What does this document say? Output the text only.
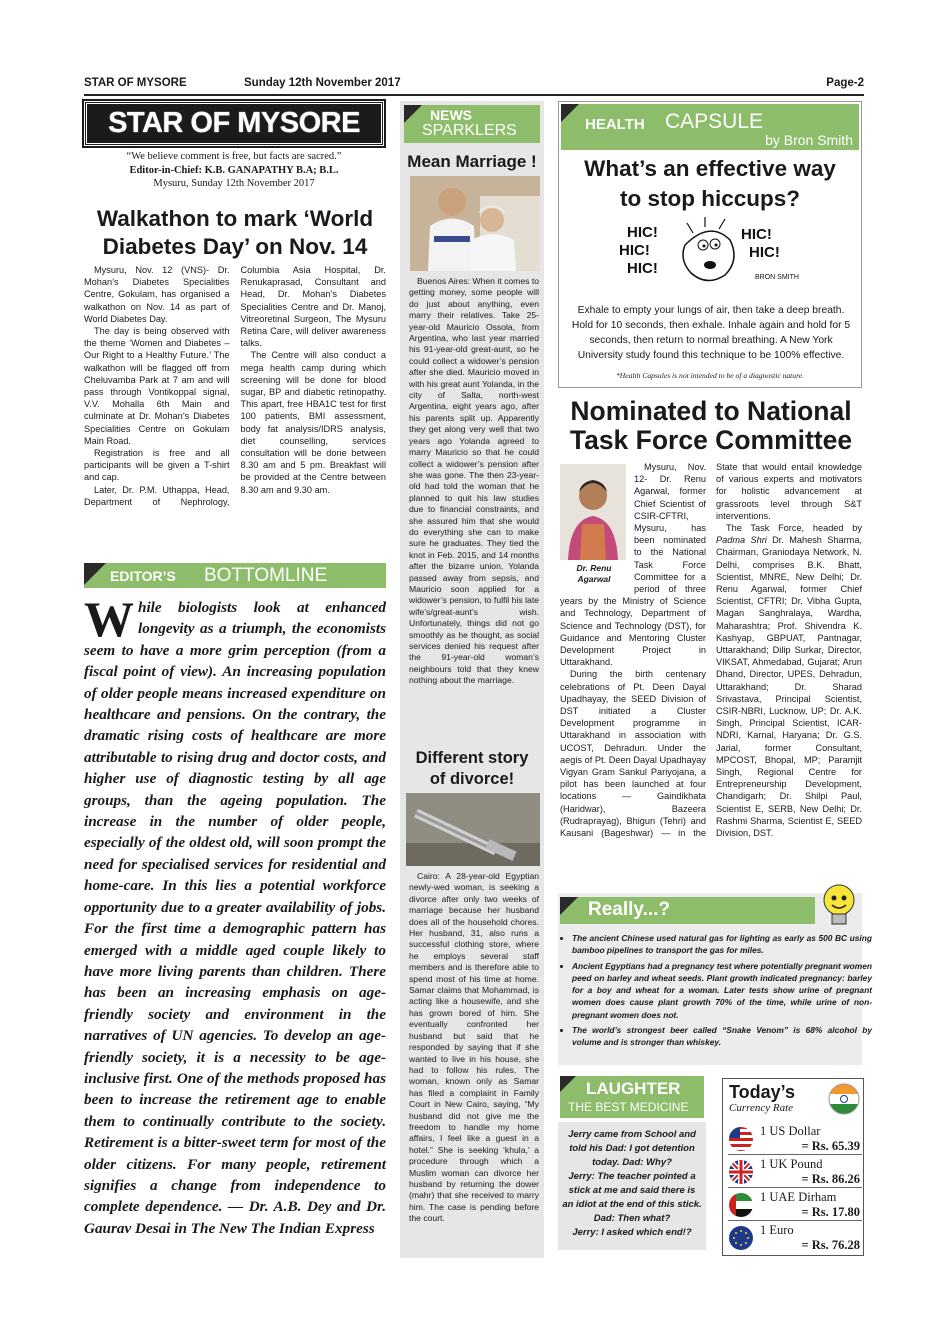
STAR OF MYSORE	Sunday 12th November 2017	Page-2
STAR OF MYSORE
“We believe comment is free, but facts are sacred.”
Editor-in-Chief: K.B. GANAPATHY B.A; B.L.
Mysuru, Sunday 12th November 2017
Walkathon to mark ‘World
Diabetes Day’ on Nov. 14

Mysuru, Nov. 12 (VNS)- Dr. Mohan’s Diabetes Specialities Centre, Gokulam, has organised a walkathon on Nov. 14 as part of World Diabetes Day.

The day is being observed with the theme ‘Women and Diabetes – Our Right to a Healthy Future.’ The walkathon will be flagged off from Cheluvamba Park at 7 am and will pass through Vontikoppal signal, V.V. Mohalla 6th Main and culminate at Dr. Mohan’s Diabetes Specialities Centre on Gokulam Main Road.

Registration is free and all participants will be given a T-shirt and cap.

Later, Dr. P.M. Uthappa, Head, Department of Nephrology, Columbia Asia Hospital, Dr. Renukaprasad, Consultant and Head, Dr. Mohan’s Diabetes Specialities Centre and Dr. Manoj, Vitreoretinal Surgeon, The Mysuru Retina Care, will deliver awareness talks.

The Centre will also conduct a mega health camp during which screening will be done for blood sugar, BP and diabetic retinopathy. This apart, free HBA1C test for first 100 patients, BMI assessment, body fat analysis/IDRS analysis, diet counselling, services consultation will be done between 8.30 am and 5 pm. Breakfast will be provided at the Centre between 8.30 am and 9.30 am.

EDITOR’S BOTTOMLINE
While biologists look at enhanced longevity as a triumph, the economists seem to have a more grim perception (from a fiscal point of view). An increasing population of older people means increased expenditure on healthcare and pensions. On the contrary, the dramatic rising costs of healthcare are more attributable to rising drug and doctor costs, and higher use of diagnostic testing by all age groups, than the ageing population. The increase in the number of older people, especially of the oldest old, will soon prompt the need for specialised services for residential and home-care. In this lies a potential workforce opportunity due to a greater availability of jobs. For the first time a demographic pattern has emerged with a middle aged couple likely to have more living parents than children. There has been an increasing emphasis on age-friendly society and environment in the narratives of UN agencies. To develop an age-friendly society, it is a necessity to be age-inclusive first. One of the methods proposed has been to increase the retirement age to enable them to continually contribute to the society. Retirement is a bitter-sweet term for most of the older citizens. For many people, retirement signifies a change from independence to complete dependence. — Dr. A.B. Dey and Dr. Gaurav Desai in The New The Indian Express
NEWS
SPARKLERS
Mean Marriage !

Buenos Aires: When it comes to getting money, some people will do just about anything, even marry their relatives. Take 25-year-old Mauricio Ossola, from Argentina, who last year married his 91-year-old great-aunt, so he could collect a widower’s pension after she died. Mauricio moved in with his great aunt Yolanda, in the city of Salta, north-west Argentina, eight years ago, after his parents split up. Apparently they get along very well that two years ago Yolanda agreed to marry Mauricio so that he could collect a widower’s pension after she was gone. The then 23-year-old had told the woman that he planned to quit his law studies due to financial constraints, and she assured him that she would do everything she can to make sure he graduates. They tied the knot in Feb. 2015, and 14 months after the bizarre union, Yolanda passed away from sepsis, and Mauricio soon applied for a widower’s pension, to fulfil his late wife’s/great-aunt’s wish. Unfortunately, things did not go smoothly as he thought, as social services denied his request after the 91-year-old woman’s neighbours told that they knew nothing about the marriage.

Different story
of divorce!

Cairo: A 28-year-old Egyptian newly-wed woman, is seeking a divorce after only two weeks of marriage because her husband does all of the household chores. Her husband, 31, also runs a successful clothing store, where he employs several staff members and is therefore able to spend most of his time at home. Samar claims that Mohammad, is acting like a housewife, and she has grown bored of him. She eventually confronted her husband but said that he responded by saying that if she wanted to live in his house, she had to follow his rules. The woman, known only as Samar has filed a complaint in Family Court in New Cairo, saying, “My husband did not give me the freedom to handle my home affairs, I feel like a guest in a hotel.” She is seeking ‘khula,’ a procedure through which a Muslim woman can divorce her husband by returning the dower (mahr) that she received to marry him. The case is pending before the court.

HEALTH CAPSULE
by Bron Smith
What’s an effective way
to stop hiccups?
HIC!
HIC!
HIC!
HIC!
HIC!
BRON SMITH
Exhale to empty your lungs of air, then take a deep breath. Hold for 10 seconds, then exhale. Inhale again and hold for 5 seconds, then return to normal breathing. A New York University study found this technique to be 100% effective.
*Health Capsules is not intended to be of a diagnostic nature.
Nominated to National
Task Force Committee
Dr. Renu
Agarwal

Mysuru, Nov. 12- Dr. Renu Agarwal, former Chief Scientist of CSIR-CFTRI, Mysuru, has been nominated to the National Task Force Committee for a period of three years by the Ministry of Science and Technology, Department of Science and Technology (DST), for Guidance and Mentoring Cluster Development Project in Uttarakhand.

During the birth centenary celebrations of Pt. Deen Dayal Upadhayay, the SEED Division of DST initiated a Cluster Development programme in Uttarakhand in association with UCOST, Dehradun. Under the aegis of Pt. Deen Dayal Upadhayay Vigyan Gram Sankul Pariyojana, a pilot has been launched at four locations — Gaindikhata (Haridwar), Bazeera (Rudraprayag), Bhigun (Tehri) and Kausani (Bageshwar) — in the State that would entail knowledge of various experts and motivators for holistic advancement at grassroots level through S&T interventions.

The Task Force, headed by Padma Shri Dr. Mahesh Sharma, Chairman, Graniodaya Network, N. Delhi, comprises B.K. Bhatt, Scientist, MNRE, New Delhi; Dr. Renu Agarwal, former Chief Scientist, CFTRI; Dr. Vibha Gupta, Magan Sanghralaya, Wardha, Maharashtra; Prof. Shivendra K. Kashyap, GBPUAT, Pantnagar, Uttarakhand; Dilip Surkar, Director, VIKSAT, Ahmedabad, Gujarat; Arun Dhand, Director, UPES, Dehradun, Uttarakhand; Dr. Sharad Srivastava, Principal Scientist, CSIR-NBRI, Lucknow, UP; Dr. A.K. Singh, Principal Scientist, ICAR-NDRI, Karnal, Haryana; Dr. G.S. Jarial, former Consultant, MPCOST, Bhopal, MP; Paramjit Singh, Regional Centre for Entrepreneurship Development, Chandigarh; Dr. Shilpi Paul, Scientist E, SERB, New Delhi; Dr. Rashmi Sharma, Scientist E, SEED Division, DST.

Really...?
• The ancient Chinese used natural gas for lighting as early as 500 BC using bamboo pipelines to transport the gas for miles.
• Ancient Egyptians had a pregnancy test where potentially pregnant women peed on barley and wheat seeds. Plant growth indicated pregnancy: barley for a boy and wheat for a woman. Later tests show urine of pregnant women does cause plant growth 70% of the time, while urine of non-pregnant women does not.
• The world’s strongest beer called “Snake Venom” is 68% alcohol by volume and is stronger than whiskey.
LAUGHTER
THE BEST MEDICINE
Jerry came from School and told his Dad: I got detention today. Dad: Why?
Jerry: The teacher pointed a stick at me and said there is an idiot at the end of this stick.
Dad: Then what?
Jerry: I asked which end!?
Today’s
Currency Rate
1 US Dollar
= Rs. 65.39
1 UK Pound
= Rs. 86.26
1 UAE Dirham
= Rs. 17.80
1 Euro
= Rs. 76.28
